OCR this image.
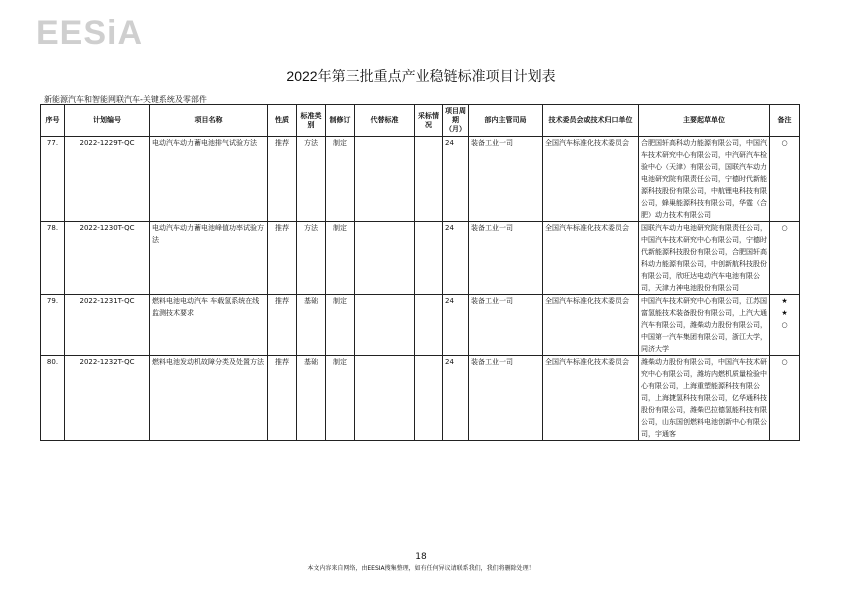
EESiA
2022年第三批重点产业稳链标准项目计划表
新能源汽车和智能网联汽车-关键系统及零部件
序号	计划编号	项目名称	性质	标准类别	制修订	代替标准	采标情况	项目周期（月）	部内主管司局	技术委员会或技术归口单位	主要起草单位	备注
77.	2022-1229T-QC	电动汽车动力蓄电池排气试验方法	推荐	方法	制定			24	装备工业一司	全国汽车标准化技术委员会	合肥国轩高科动力能源有限公司，中国汽车技术研究中心有限公司，中汽研汽车检验中心（天津）有限公司，国联汽车动力电池研究院有限责任公司，宁德时代新能源科技股份有限公司，中航锂电科技有限公司，蜂巢能源科技有限公司，华霆（合肥）动力技术有限公司	○
78.	2022-1230T-QC	电动汽车动力蓄电池峰值功率试验方法	推荐	方法	制定			24	装备工业一司	全国汽车标准化技术委员会	国联汽车动力电池研究院有限责任公司，中国汽车技术研究中心有限公司，宁德时代新能源科技股份有限公司，合肥国轩高科动力能源有限公司，中创新航科技股份有限公司，欣旺达电动汽车电池有限公司，天津力神电池股份有限公司	○
79.	2022-1231T-QC	燃料电池电动汽车 车载氢系统在线监测技术要求	推荐	基础	制定			24	装备工业一司	全国汽车标准化技术委员会	中国汽车技术研究中心有限公司，江苏国富氢能技术装备股份有限公司，上汽大通汽车有限公司，潍柴动力股份有限公司，中国第一汽车集团有限公司，浙江大学，同济大学	★
★
○
80.	2022-1232T-QC	燃料电池发动机故障分类及处置方法	推荐	基础	制定			24	装备工业一司	全国汽车标准化技术委员会	潍柴动力股份有限公司，中国汽车技术研究中心有限公司，潍坊内燃机质量检验中心有限公司，上海重塑能源科技有限公司，上海捷氢科技有限公司，亿华通科技股份有限公司，潍柴巴拉德氢能科技有限公司，山东国创燃料电池创新中心有限公司，宇通客	○
18
本文内容来自网络，由EESIA搜集整理，如有任何异议请联系我们，我们将删除处理！
